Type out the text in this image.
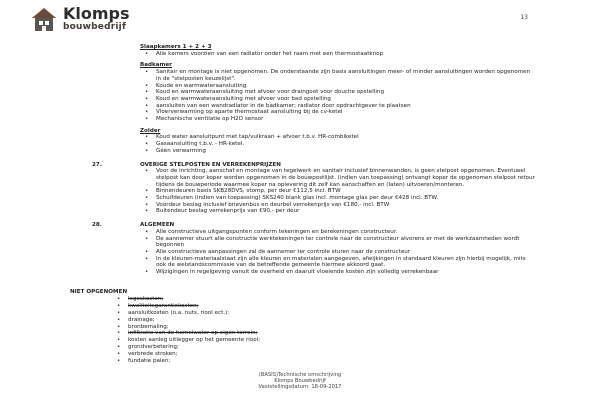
Klomps
bouwbedrijf
13

Slaapkamers 1 + 2 + 3

• Alle kamers voorzien van een radiator onder het raam met een thermostaatknop

Badkamer

• Sanitair en montage is niet opgenomen. De onderstaande zijn basis aansluitingen meer- of minder aansluitingen worden opgenomen in de "stelposten keuzelijst".
• Koude en warmwateraansluiting
• Koud en warmwateraansluiting met afvoer voor draingoot voor douche opstelling
• Koud en warmwateraansluiting met afvoer voor bad opstelling
• aansluiten van een wandradiator in de badkamer; radiator door opdrachtgever te plaatsen
• Vloerverwarming op aparte thermostaat aansluiting bij de cv-ketel
• Mechanische ventilatie op H2O sensor

Zolder

• Koud water aansluitpunt met tap/vulkraan + afvoer t.b.v. HR-combiketel
• Gasaansluiting t.b.v. - HR-ketel.
• Géén verwarming
27.	OVERIGE STELPOSTEN EN VERREKENPRIJZEN
• Voor de inrichting, aanschaf en montage van tegelwerk en sanitair inclusief binnenwanden, is geen stelpost opgenomen. Eventueel stelpost kan door koper worden opgenomen in de bouwpostlijst. (indien van toepassing) ontvangt koper de opgenomen stelpost retour tijdens de bouwperiode waarmee koper na oplevering dit zelf kan aanschaffen en (laten) uitvoeren/monteren.
• Binnendeuren basis SKB28DVS, stomp, per deur €112,5 incl. BTW
• Schuifdeuren (indien van toepassing) SKS240 blank glas incl. montage glas per deur €428 incl. BTW.
• Voordeur beslag inclusief brievenbus en deurbel verrekenprijs van €180,- incl. BTW
• Buitendeur beslag verrekenprijs van €90,- per deur
28.	ALGEMEEN
• Alle constructieve uitgangspunten conform tekeningen en berekeningen constructeur.
• De aannemer stuurt alle constructie werktekeningen ter controle naar de constructeur alvorens er met de werkzaamheden wordt begonnen
• Alle constructieve aanpassingen zal de aannemer ter controle sturen naar de constructeur
• In de kleuren-materiaalstaat zijn alle kleuren en materialen aangegeven, afwijkingen in standaard kleuren zijn hierbij mogelijk, mits ook de welstandscommissie van de betreffende gemeente hiermee akkoord gaat.
• Wijzigingen in regelgeving vanuit de overheid en daaruit vloeiende kosten zijn volledig verrekenbaar
NIET OPGENOMEN
• legeskosten;
• kwaliteitsgarantiekosten;
• aansluitkosten (o.a. nuts, riool ect.);
• drainage;
• bronbemaling;
• infiltratie van de hemelwater op eigen terrein;
• kosten aanleg uitlegger op het gemeente riool;
• grondverbetering;
• verbrede stroken;
• fundatie palen;
(BASIS)Technische omschrijving
Klomps Bouwbedrijf
Vaststellingsdatum: 18-09-2017
